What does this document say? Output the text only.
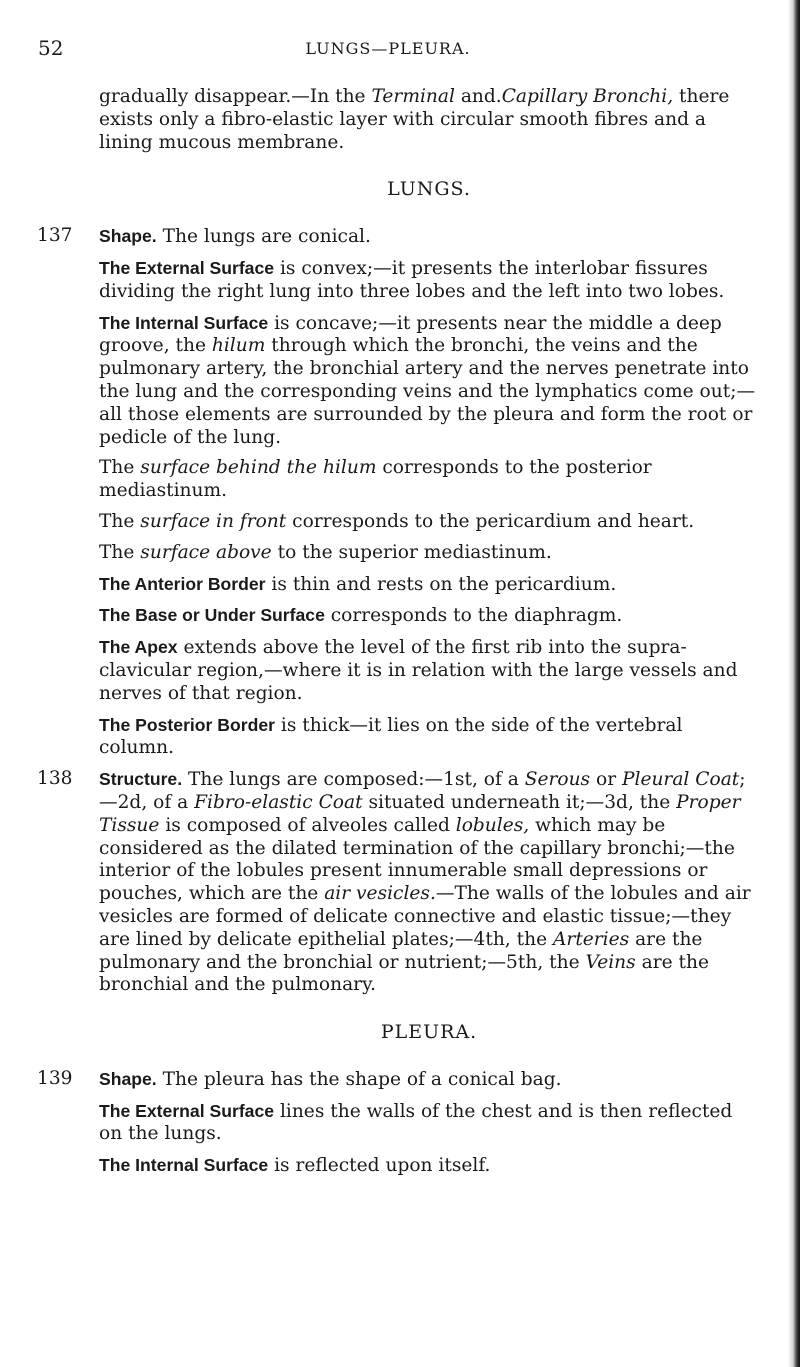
52	LUNGS—PLEURA.

gradually disappear.—In the Terminal and.Capillary Bronchi, there exists only a fibro-elastic layer with circular smooth fibres and a lining mucous membrane.

LUNGS.

137 Shape. The lungs are conical.

The External Surface is convex;—it presents the interlobar fissures dividing the right lung into three lobes and the left into two lobes.

The Internal Surface is concave;—it presents near the middle a deep groove, the hilum through which the bronchi, the veins and the pulmonary artery, the bronchial artery and the nerves penetrate into the lung and the corresponding veins and the lymphatics come out;—all those elements are surrounded by the pleura and form the root or pedicle of the lung.

The surface behind the hilum corresponds to the posterior mediastinum.

The surface in front corresponds to the pericardium and heart.

The surface above to the superior mediastinum.

The Anterior Border is thin and rests on the pericardium.

The Base or Under Surface corresponds to the diaphragm.

The Apex extends above the level of the first rib into the supra-clavicular region,—where it is in relation with the large vessels and nerves of that region.

The Posterior Border is thick—it lies on the side of the vertebral column.

138 Structure. The lungs are composed:—1st, of a Serous or Pleural Coat;—2d, of a Fibro-elastic Coat situated underneath it;—3d, the Proper Tissue is composed of alveoles called lobules, which may be considered as the dilated termination of the capillary bronchi;—the interior of the lobules present innumerable small depressions or pouches, which are the air vesicles.—The walls of the lobules and air vesicles are formed of delicate connective and elastic tissue;—they are lined by delicate epithelial plates;—4th, the Arteries are the pulmonary and the bronchial or nutrient;—5th, the Veins are the bronchial and the pulmonary.

PLEURA.

139 Shape. The pleura has the shape of a conical bag.

The External Surface lines the walls of the chest and is then reflected on the lungs.

The Internal Surface is reflected upon itself.
